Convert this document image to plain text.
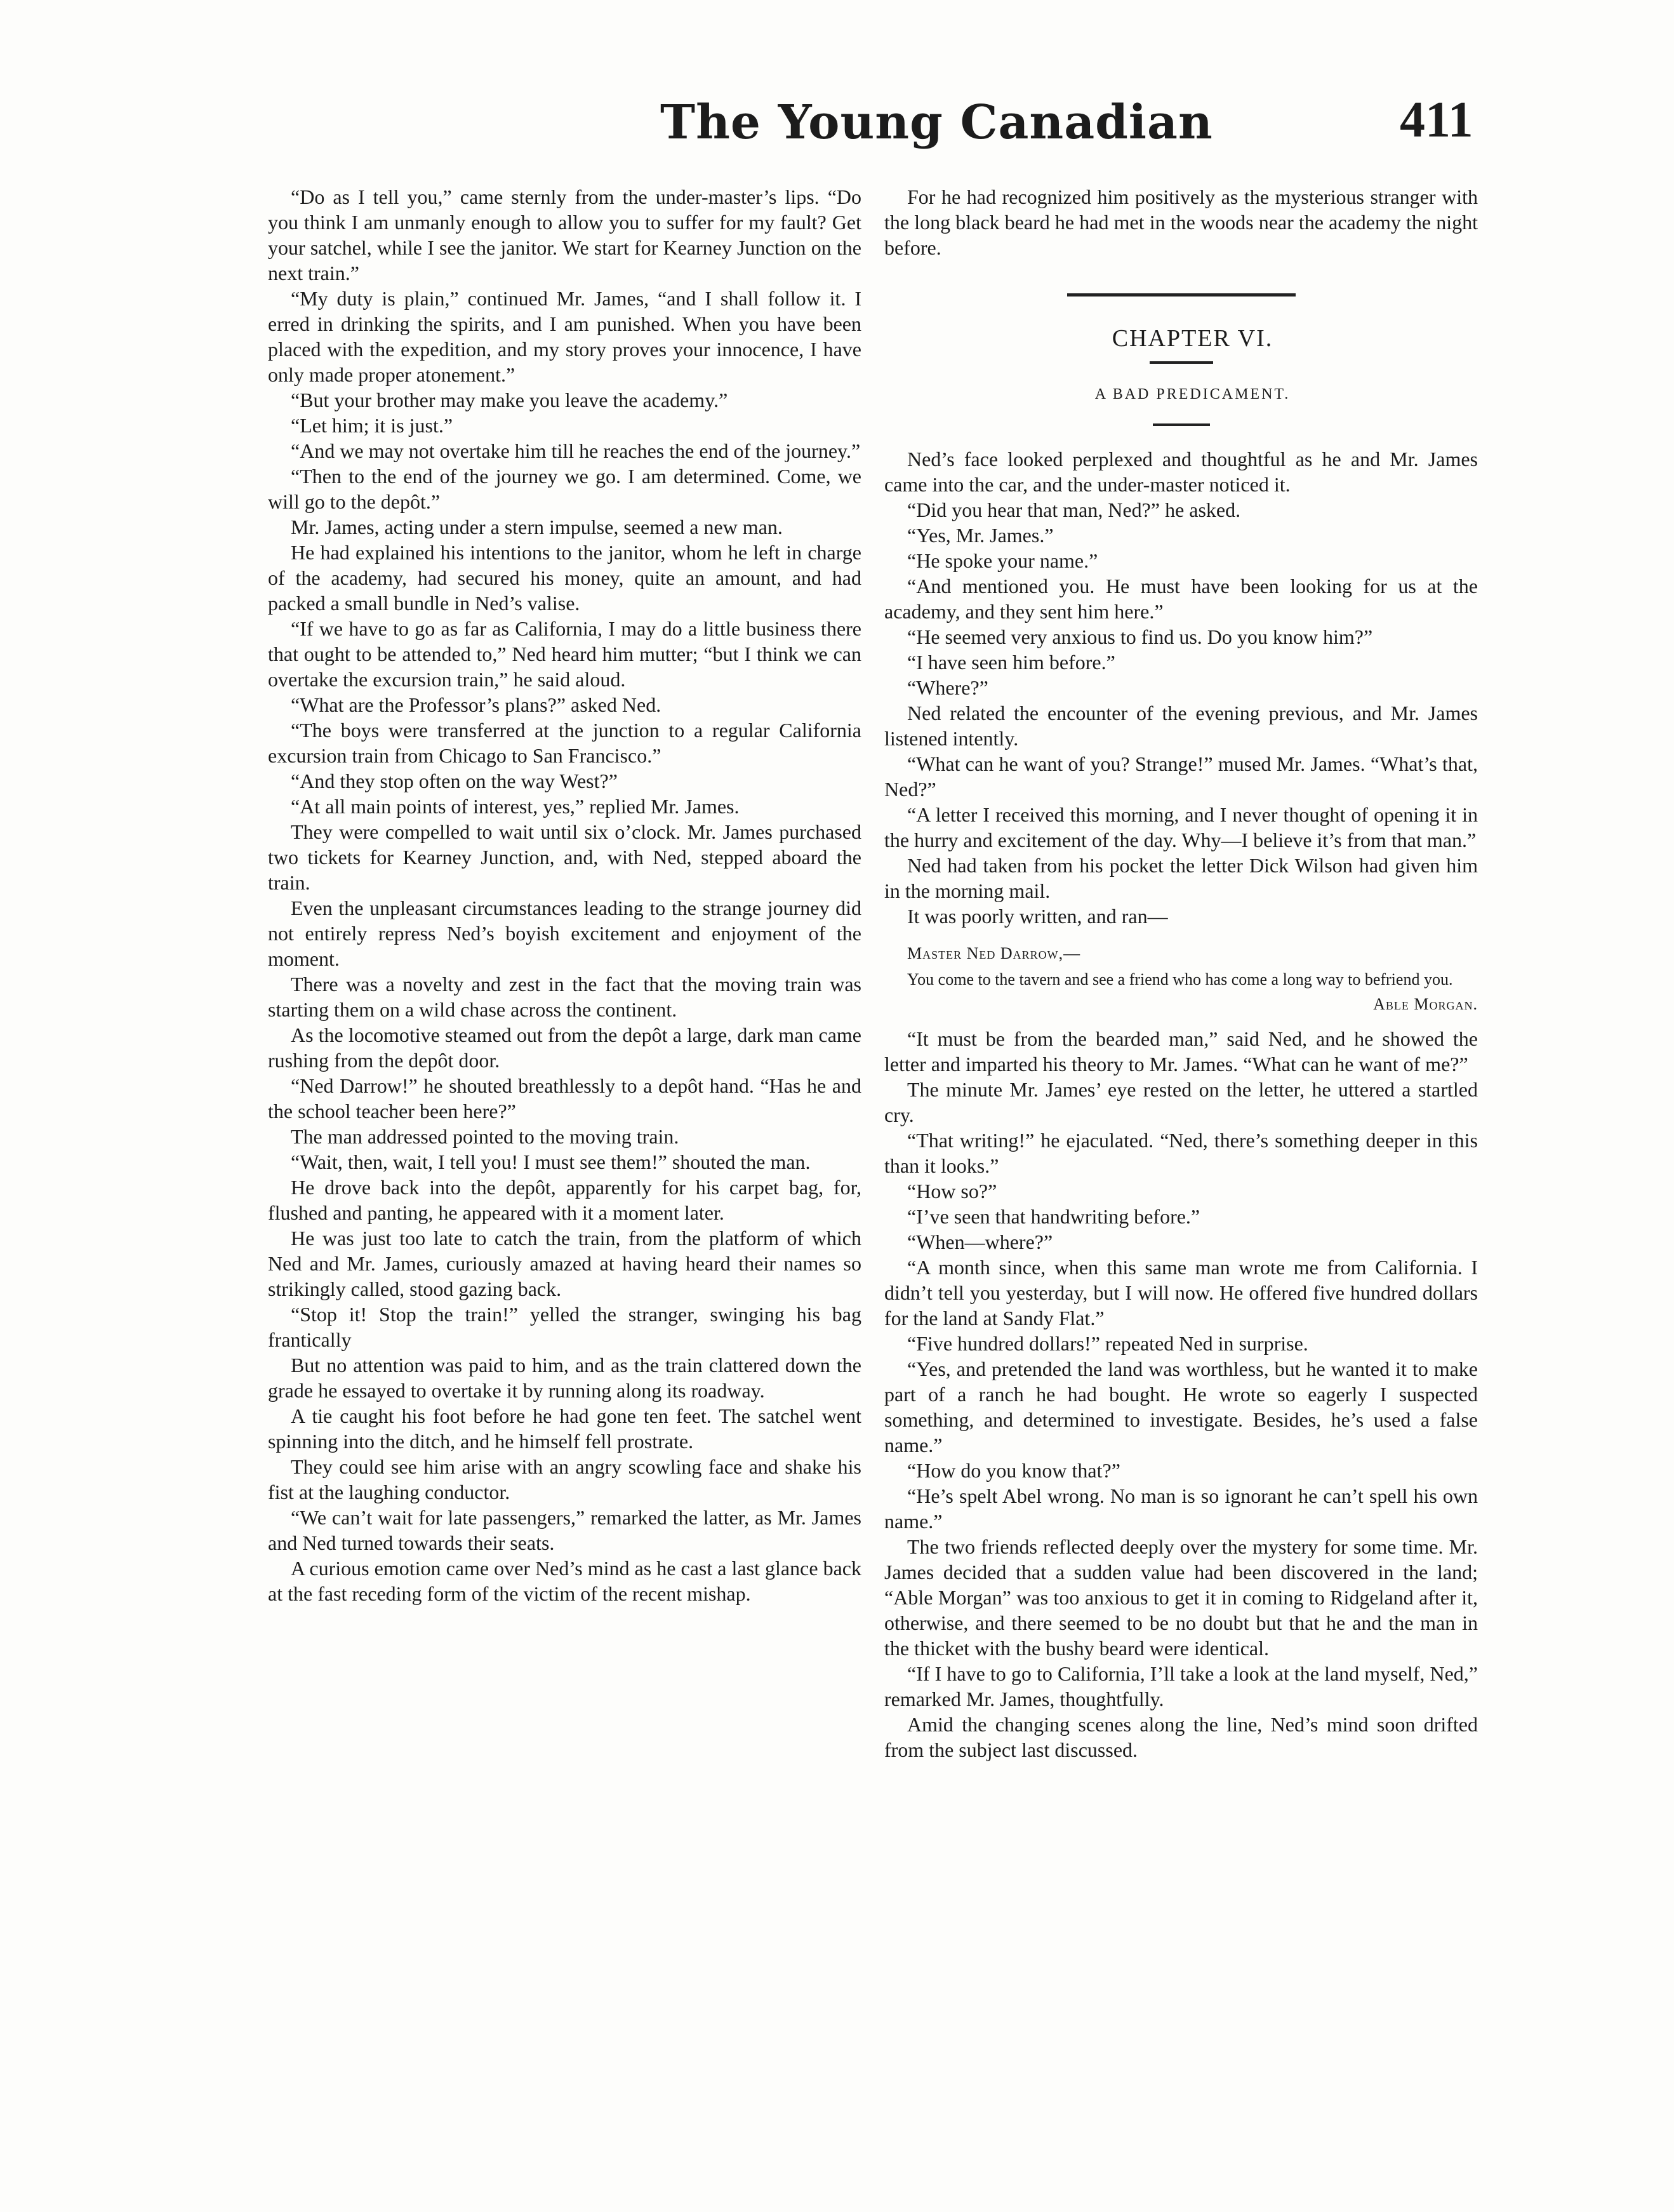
The Young Canadian	411

“Do as I tell you,” came sternly from the under-master’s lips. “Do you think I am unmanly enough to allow you to suffer for my fault? Get your satchel, while I see the janitor. We start for Kearney Junction on the next train.”

“My duty is plain,” continued Mr. James, “and I shall follow it. I erred in drinking the spirits, and I am punished. When you have been placed with the expedition, and my story proves your innocence, I have only made proper atonement.”

“But your brother may make you leave the academy.”

“Let him; it is just.”

“And we may not overtake him till he reaches the end of the journey.”

“Then to the end of the journey we go. I am determined. Come, we will go to the depôt.”

Mr. James, acting under a stern impulse, seemed a new man.

He had explained his intentions to the janitor, whom he left in charge of the academy, had secured his money, quite an amount, and had packed a small bundle in Ned’s valise.

“If we have to go as far as California, I may do a little business there that ought to be attended to,” Ned heard him mutter; “but I think we can overtake the excursion train,” he said aloud.

“What are the Professor’s plans?” asked Ned.

“The boys were transferred at the junction to a regular California excursion train from Chicago to San Francisco.”

“And they stop often on the way West?”

“At all main points of interest, yes,” replied Mr. James.

They were compelled to wait until six o’clock. Mr. James purchased two tickets for Kearney Junction, and, with Ned, stepped aboard the train.

Even the unpleasant circumstances leading to the strange journey did not entirely repress Ned’s boyish excitement and enjoyment of the moment.

There was a novelty and zest in the fact that the moving train was starting them on a wild chase across the continent.

As the locomotive steamed out from the depôt a large, dark man came rushing from the depôt door.

“Ned Darrow!” he shouted breathlessly to a depôt hand. “Has he and the school teacher been here?”

The man addressed pointed to the moving train.

“Wait, then, wait, I tell you! I must see them!” shouted the man.

He drove back into the depôt, apparently for his carpet bag, for, flushed and panting, he appeared with it a moment later.

He was just too late to catch the train, from the platform of which Ned and Mr. James, curiously amazed at having heard their names so strikingly called, stood gazing back.

“Stop it! Stop the train!” yelled the stranger, swinging his bag frantically

But no attention was paid to him, and as the train clattered down the grade he essayed to overtake it by running along its roadway.

A tie caught his foot before he had gone ten feet. The satchel went spinning into the ditch, and he himself fell prostrate.

They could see him arise with an angry scowling face and shake his fist at the laughing conductor.

“We can’t wait for late passengers,” remarked the latter, as Mr. James and Ned turned towards their seats.

A curious emotion came over Ned’s mind as he cast a last glance back at the fast receding form of the victim of the recent mishap.

For he had recognized him positively as the mysterious stranger with the long black beard he had met in the woods near the academy the night before.

CHAPTER VI.

A BAD PREDICAMENT.

Ned’s face looked perplexed and thoughtful as he and Mr. James came into the car, and the under-master noticed it.

“Did you hear that man, Ned?” he asked.

“Yes, Mr. James.”

“He spoke your name.”

“And mentioned you. He must have been looking for us at the academy, and they sent him here.”

“He seemed very anxious to find us. Do you know him?”

“I have seen him before.”

“Where?”

Ned related the encounter of the evening previous, and Mr. James listened intently.

“What can he want of you? Strange!” mused Mr. James. “What’s that, Ned?”

“A letter I received this morning, and I never thought of opening it in the hurry and excitement of the day. Why—I believe it’s from that man.”

Ned had taken from his pocket the letter Dick Wilson had given him in the morning mail.

It was poorly written, and ran—

Master Ned Darrow,—

You come to the tavern and see a friend who has come a long way to befriend you.

Able Morgan.

“It must be from the bearded man,” said Ned, and he showed the letter and imparted his theory to Mr. James. “What can he want of me?”

The minute Mr. James’ eye rested on the letter, he uttered a startled cry.

“That writing!” he ejaculated. “Ned, there’s something deeper in this than it looks.”

“How so?”

“I’ve seen that handwriting before.”

“When—where?”

“A month since, when this same man wrote me from California. I didn’t tell you yesterday, but I will now. He offered five hundred dollars for the land at Sandy Flat.”

“Five hundred dollars!” repeated Ned in surprise.

“Yes, and pretended the land was worthless, but he wanted it to make part of a ranch he had bought. He wrote so eagerly I suspected something, and determined to investigate. Besides, he’s used a false name.”

“How do you know that?”

“He’s spelt Abel wrong. No man is so ignorant he can’t spell his own name.”

The two friends reflected deeply over the mystery for some time. Mr. James decided that a sudden value had been discovered in the land; “Able Morgan” was too anxious to get it in coming to Ridgeland after it, otherwise, and there seemed to be no doubt but that he and the man in the thicket with the bushy beard were identical.

“If I have to go to California, I’ll take a look at the land myself, Ned,” remarked Mr. James, thoughtfully.

Amid the changing scenes along the line, Ned’s mind soon drifted from the subject last discussed.
